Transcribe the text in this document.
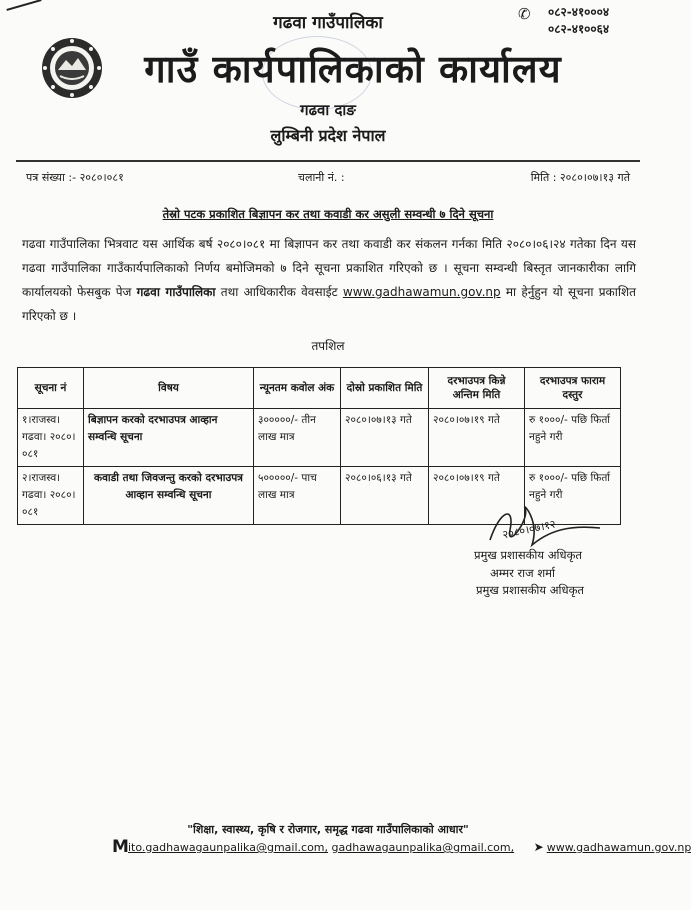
गढवा गाउँपालिका
गाउँ कार्यपालिकाको कार्यालय
गढवा दाङ
लुम्बिनी प्रदेश नेपाल
✆ ०८२-४१०००४
०८२-४१००६४
पत्र संख्या :- २०८०।०८१	चलानी नं. :	मिति : २०८०।०७।१३ गते
तेस्रो पटक प्रकाशित बिज्ञापन कर तथा कवाडी कर असुली सम्वन्धी ७ दिने सूचना

गढवा गाउँपालिका भित्रवाट यस आर्थिक बर्ष २०८०।०८१ मा बिज्ञापन कर तथा कवाडी कर संकलन गर्नका मिति २०८०।०६।२४ गतेका दिन यस गढवा गाउँपालिका गाउँकार्यपालिकाको निर्णय बमोजिमको ७ दिने सूचना प्रकाशित गरिएको छ । सूचना सम्वन्धी बिस्तृत जानकारीका लागि कार्यालयको फेसबुक पेज गढवा गाउँपालिका तथा आधिकारीक वेवसाईट www.gadhawamun.gov.np मा हेर्नुहुन यो सूचना प्रकाशित गरिएको छ ।

तपशिल
सूचना नं	विषय	न्यूनतम कवोल अंक	दोस्रो प्रकाशित मिति	दरभाउपत्र किन्ने अन्तिम मिति	दरभाउपत्र फाराम दस्तुर
१।राजस्व। गढवा। २०८०।०८१	बिज्ञापन करको दरभाउपत्र आव्हान सम्वन्धि सूचना	३०००००/- तीन लाख मात्र	२०८०।०७।१३ गते	२०८०।०७।१९ गते	रु १०००/- पछि फिर्ता नहुने गरी
२।राजस्व। गढवा। २०८०।०८१	कवाडी तथा जिवजन्तु करको दरभाउपत्र आव्हान सम्वन्धि सूचना	५०००००/- पाच लाख मात्र	२०८०।०६।१३ गते	२०८०।०७।१९ गते	रु १०००/- पछि फिर्ता नहुने गरी
२०८०।०७।१२
प्रमुख प्रशासकीय अधिकृत
अम्मर राज शर्मा
प्रमुख प्रशासकीय अधिकृत
"शिक्षा, स्वास्थ्य, कृषि र रोजगार, समृद्ध गढवा गाउँपालिकाको आधार"
M ito.gadhawagaunpalika@gmail.com, gadhawagaunpalika@gmail.com, ➤ www.gadhawamun.gov.np
